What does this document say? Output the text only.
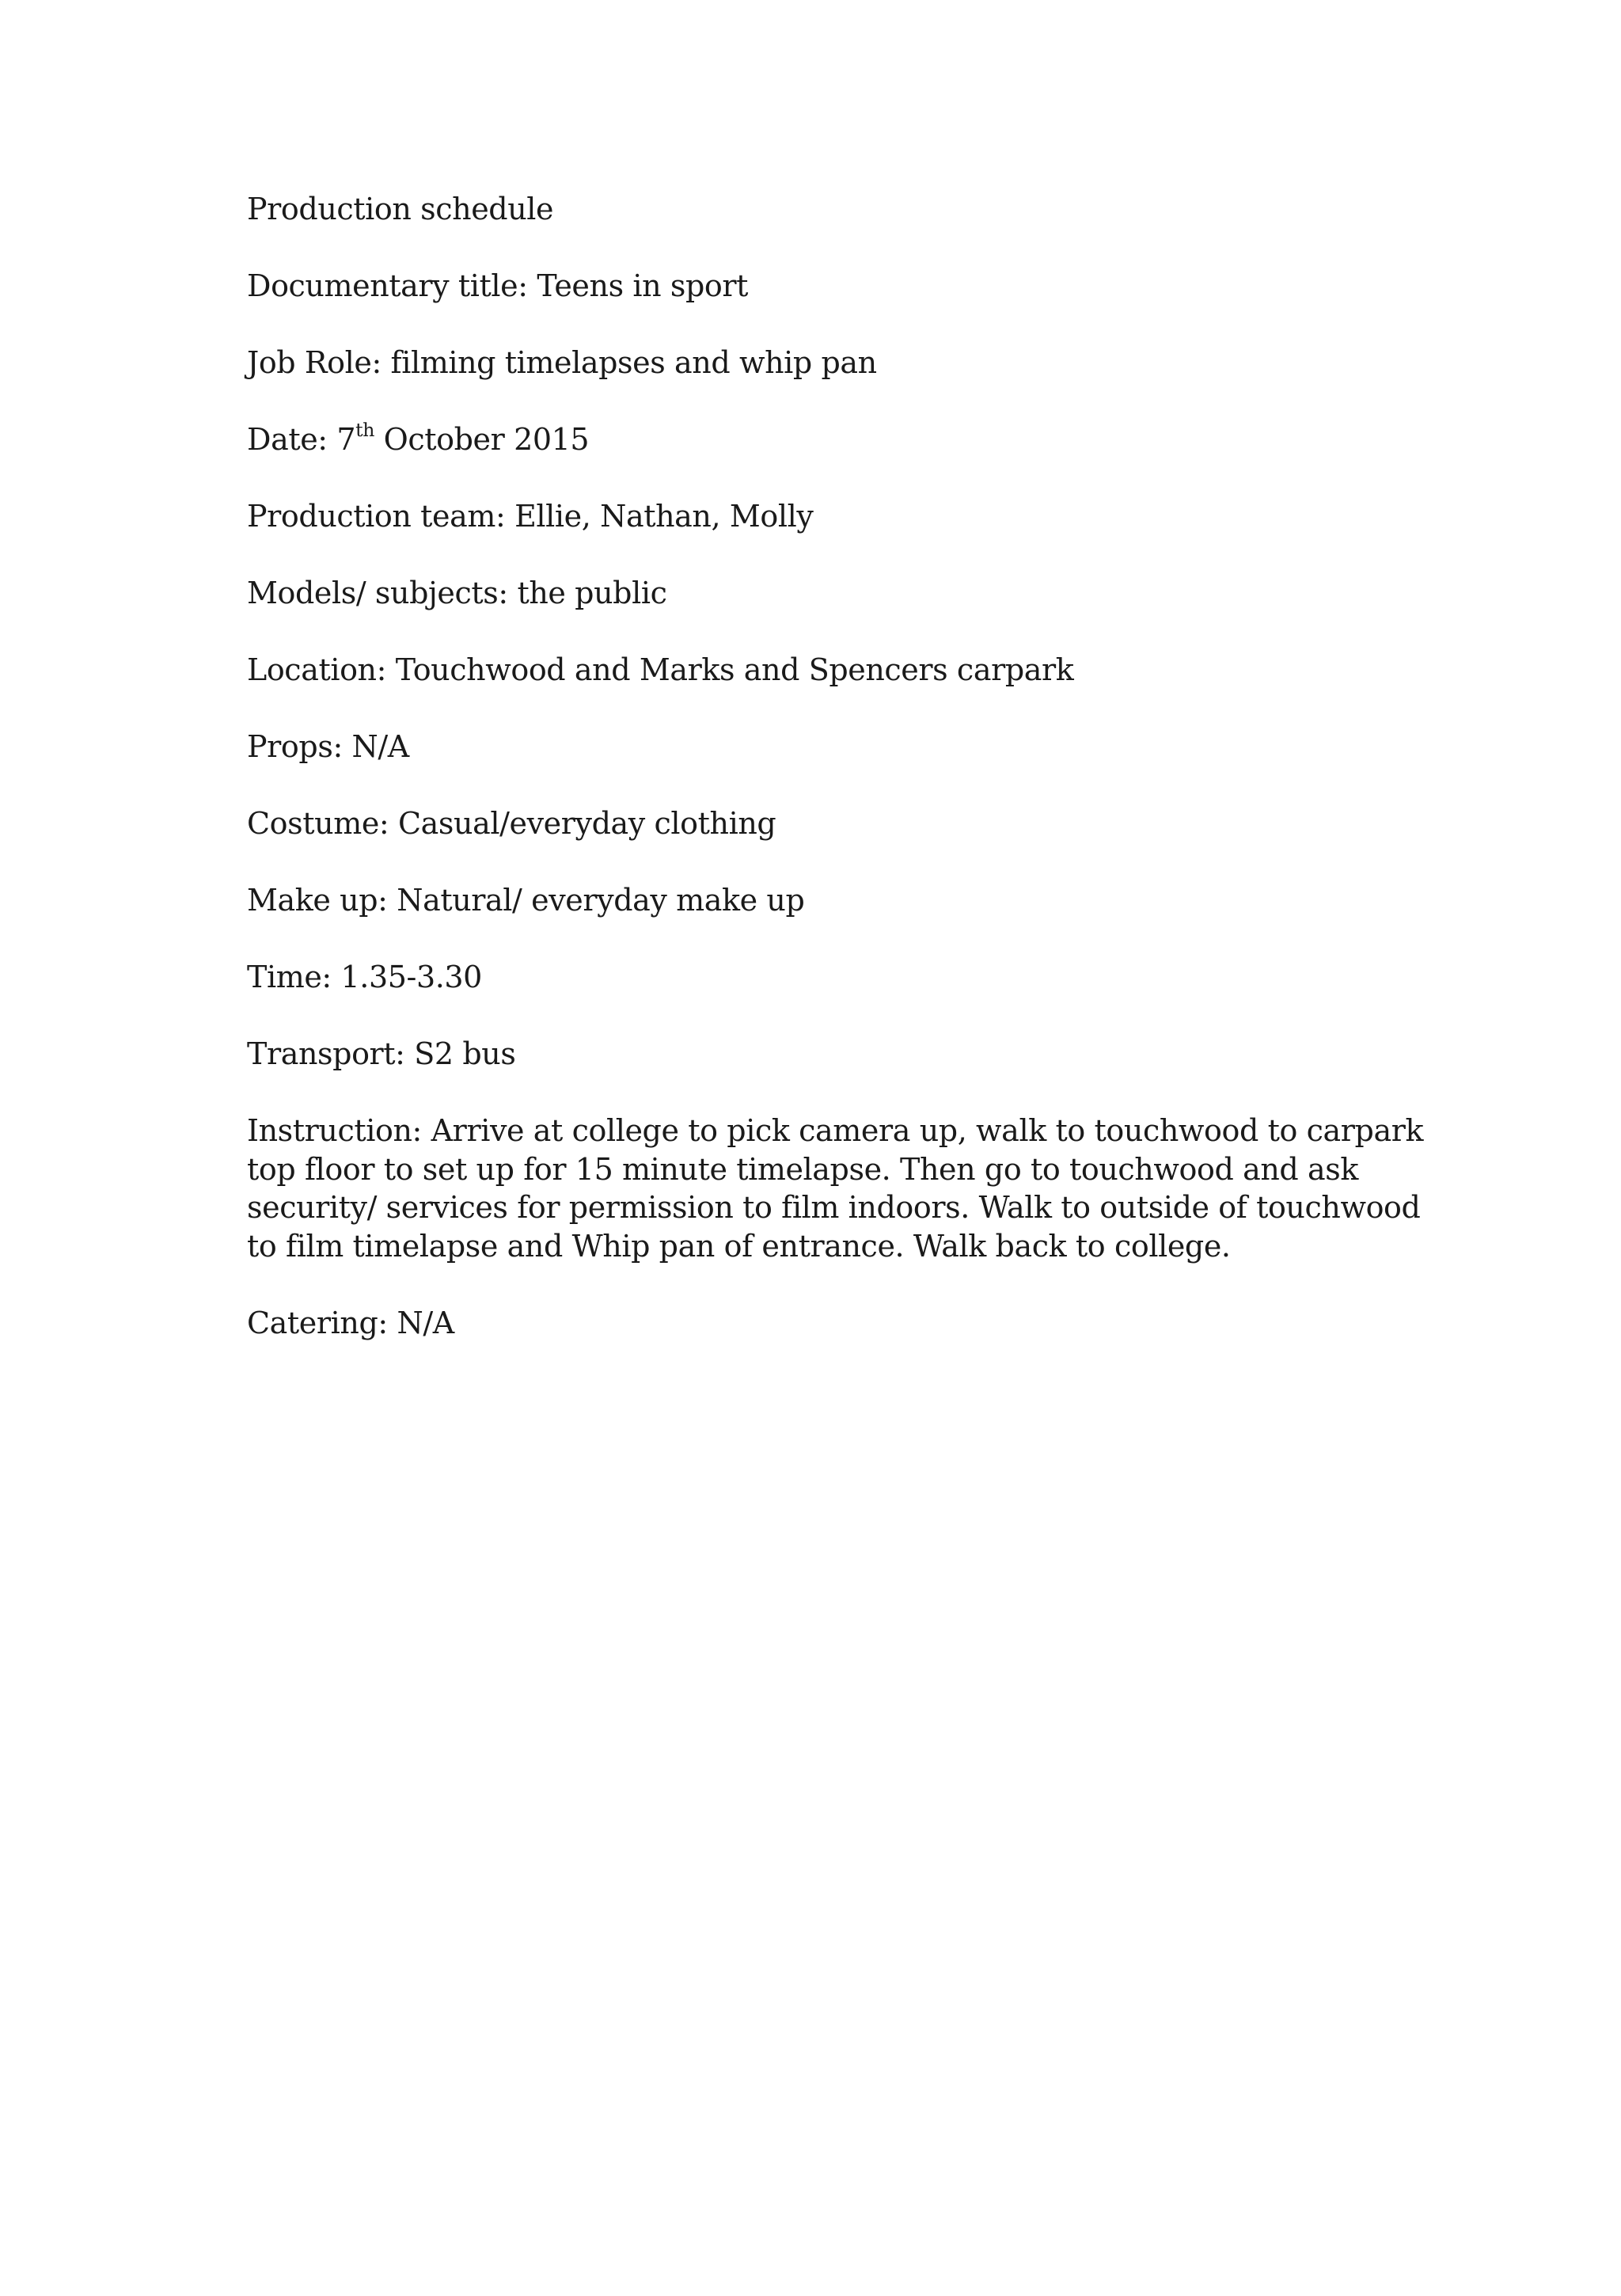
Production schedule

Documentary title: Teens in sport

Job Role: filming timelapses and whip pan

Date: 7th October 2015

Production team: Ellie, Nathan, Molly

Models/ subjects: the public

Location: Touchwood and Marks and Spencers carpark

Props: N/A

Costume: Casual/everyday clothing

Make up: Natural/ everyday make up

Time: 1.35-3.30

Transport: S2 bus

Instruction: Arrive at college to pick camera up, walk to touchwood to carpark
top floor to set up for 15 minute timelapse. Then go to touchwood and ask
security/ services for permission to film indoors. Walk to outside of touchwood
to film timelapse and Whip pan of entrance. Walk back to college.

Catering: N/A
